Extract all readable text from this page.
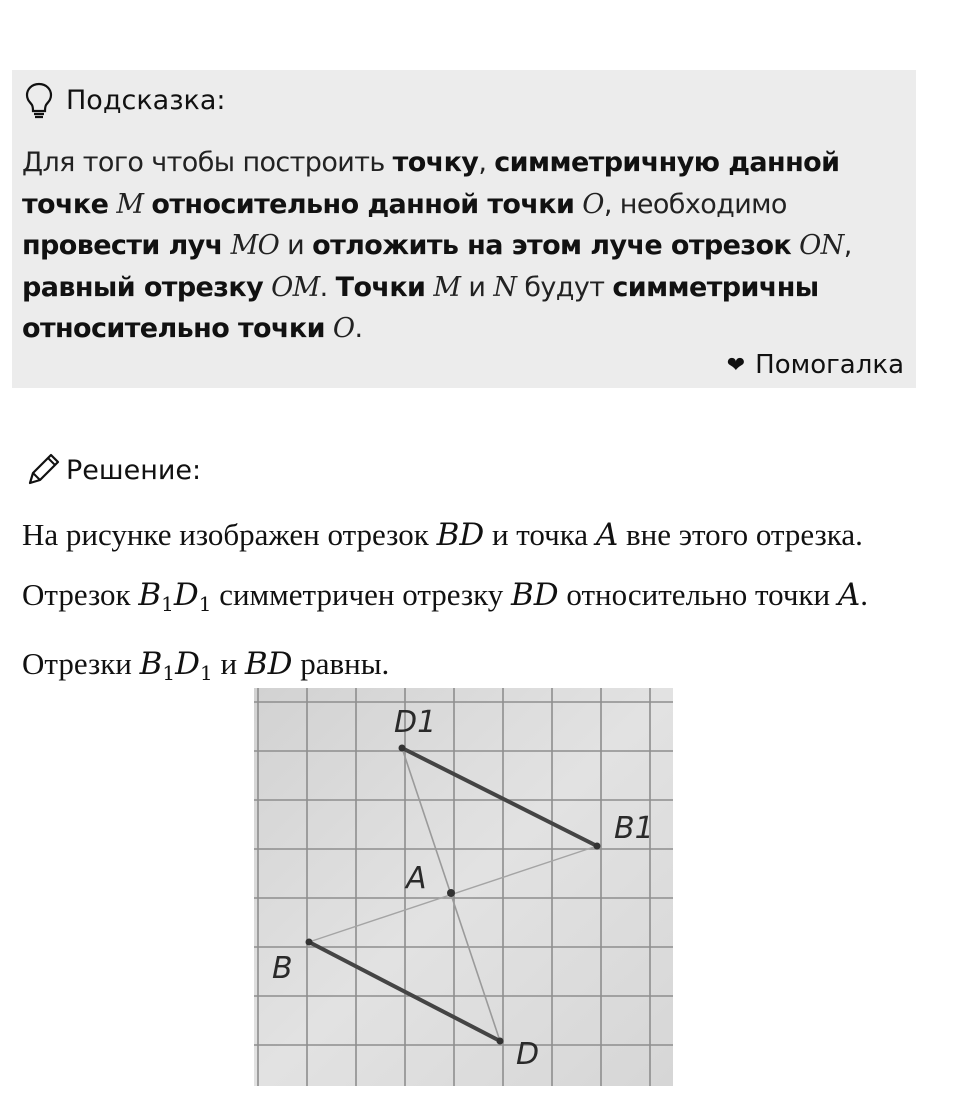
Подсказка:
Для того чтобы построить точку, симметричную данной точке M относительно данной точки O, необходимо провести луч MO и отложить на этом луче отрезок ON, равный отрезку OM. Точки M и N будут симметричны относительно точки O.
❤ Помогалка
Решение:
На рисунке изображен отрезок BD и точка A вне этого отрезка. Отрезок $B_1D_1$ симметричен отрезку BD относительно точки A. Отрезки $B_1D_1$ и BD равны.
D1
B1
A
B
D
